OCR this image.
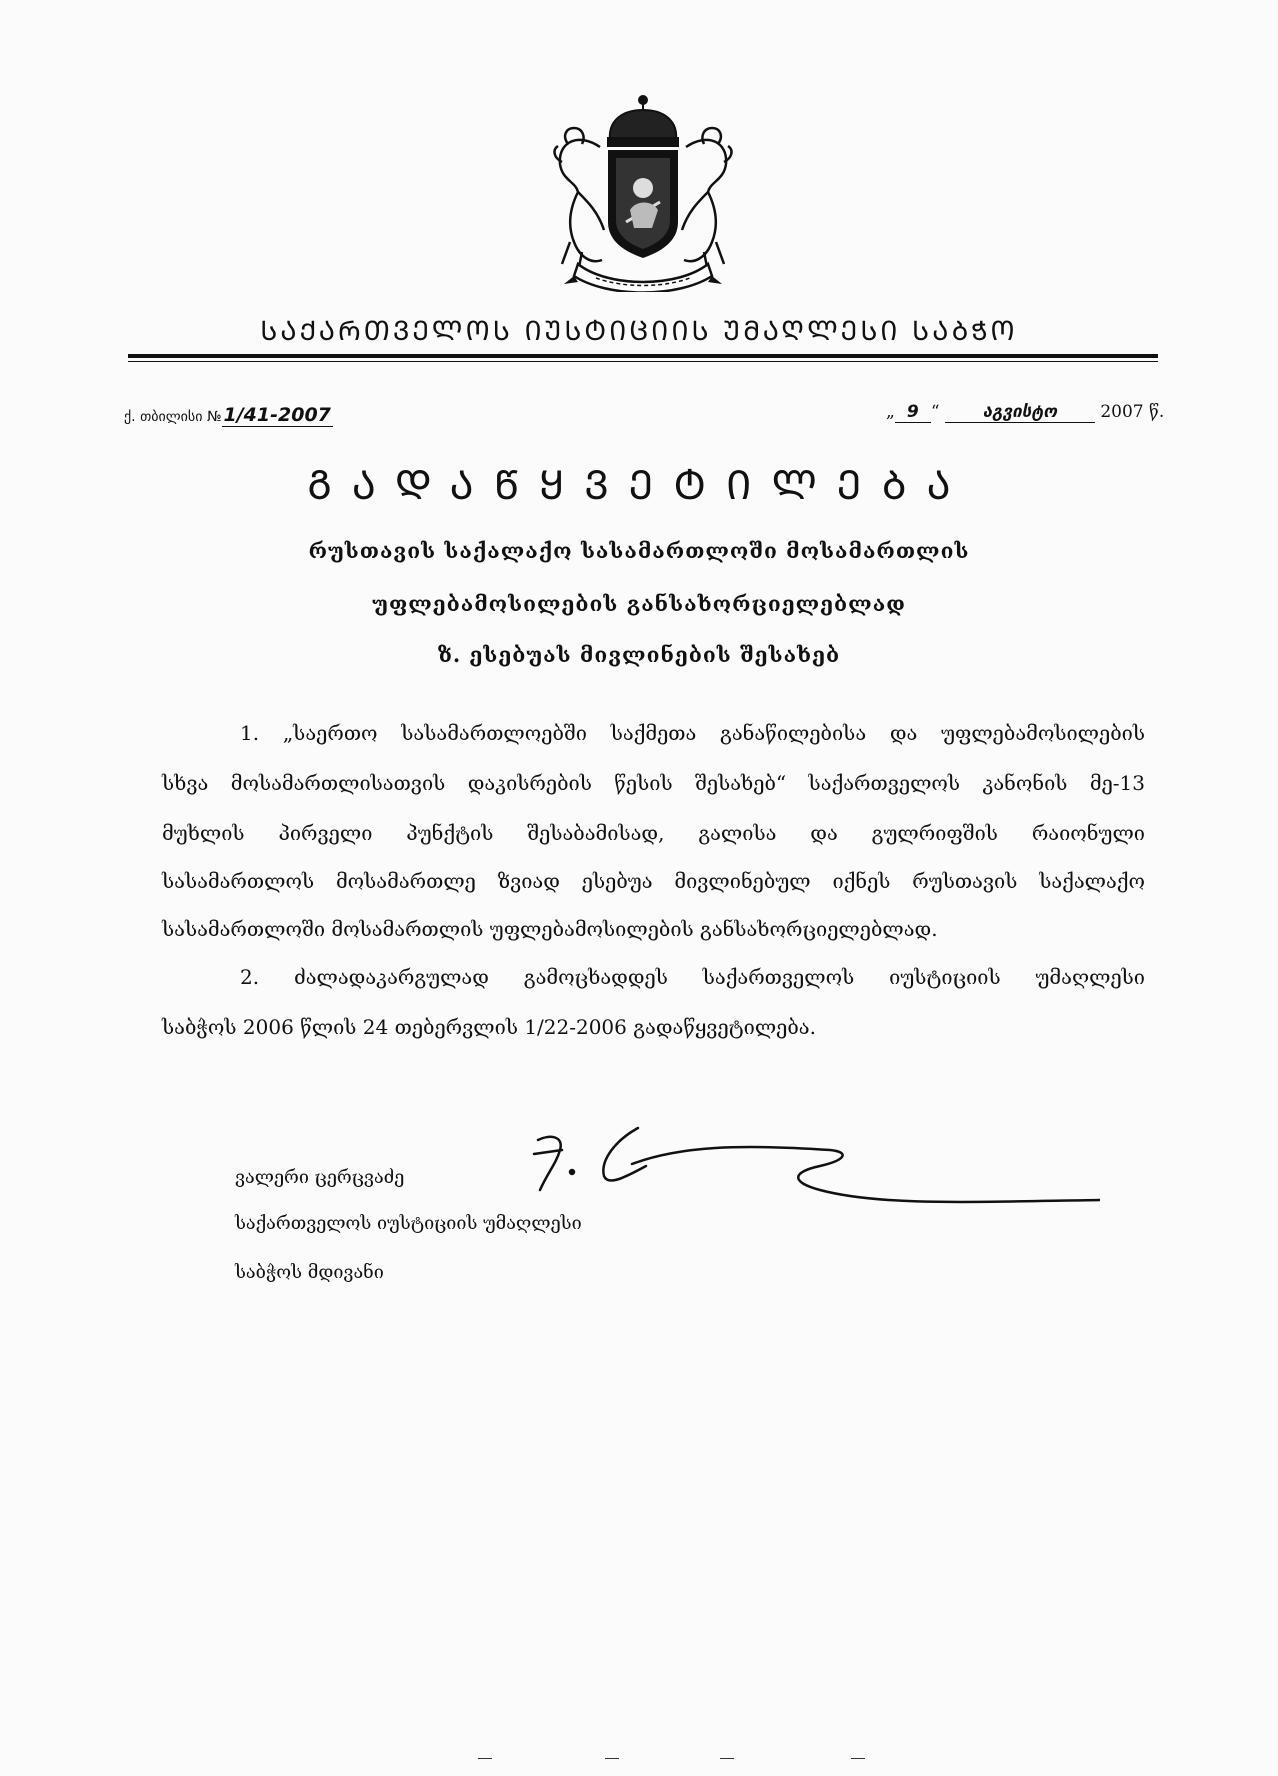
ᲡᲐᲥᲐᲠᲗᲕᲔᲚᲝᲡ ᲘᲣᲡᲢᲘᲪᲘᲘᲡ ᲣᲛᲐᲦᲚᲔᲡᲘ ᲡᲐᲑᲭᲝ
ქ. თბილისი № 1/41-2007	„ 9 “	აგვისტო	2007 წ.
ᲒᲐᲓᲐᲬᲧᲕᲔᲢᲘᲚᲔᲑᲐ
რუსთავის საქალაქო სასამართლოში მოსამართლის
უფლებამოსილების განსახორციელებლად
ზ. ესებუას მივლინების შესახებ
1. „საერთო სასამართლოებში საქმეთა განაწილებისა და უფლებამოსილების
სხვა მოსამართლისათვის დაკისრების წესის შესახებ“ საქართველოს კანონის მე-13
მუხლის პირველი პუნქტის შესაბამისად, გალისა და გულრიფშის რაიონული
სასამართლოს მოსამართლე ზვიად ესებუა მივლინებულ იქნეს რუსთავის საქალაქო
სასამართლოში მოსამართლის უფლებამოსილების განსახორციელებლად.
2. ძალადაკარგულად გამოცხადდეს საქართველოს იუსტიციის უმაღლესი
საბჭოს 2006 წლის 24 თებერვლის 1/22-2006 გადაწყვეტილება.
ვალერი ცერცვაძე
საქართველოს იუსტიციის უმაღლესი
საბჭოს მდივანი
